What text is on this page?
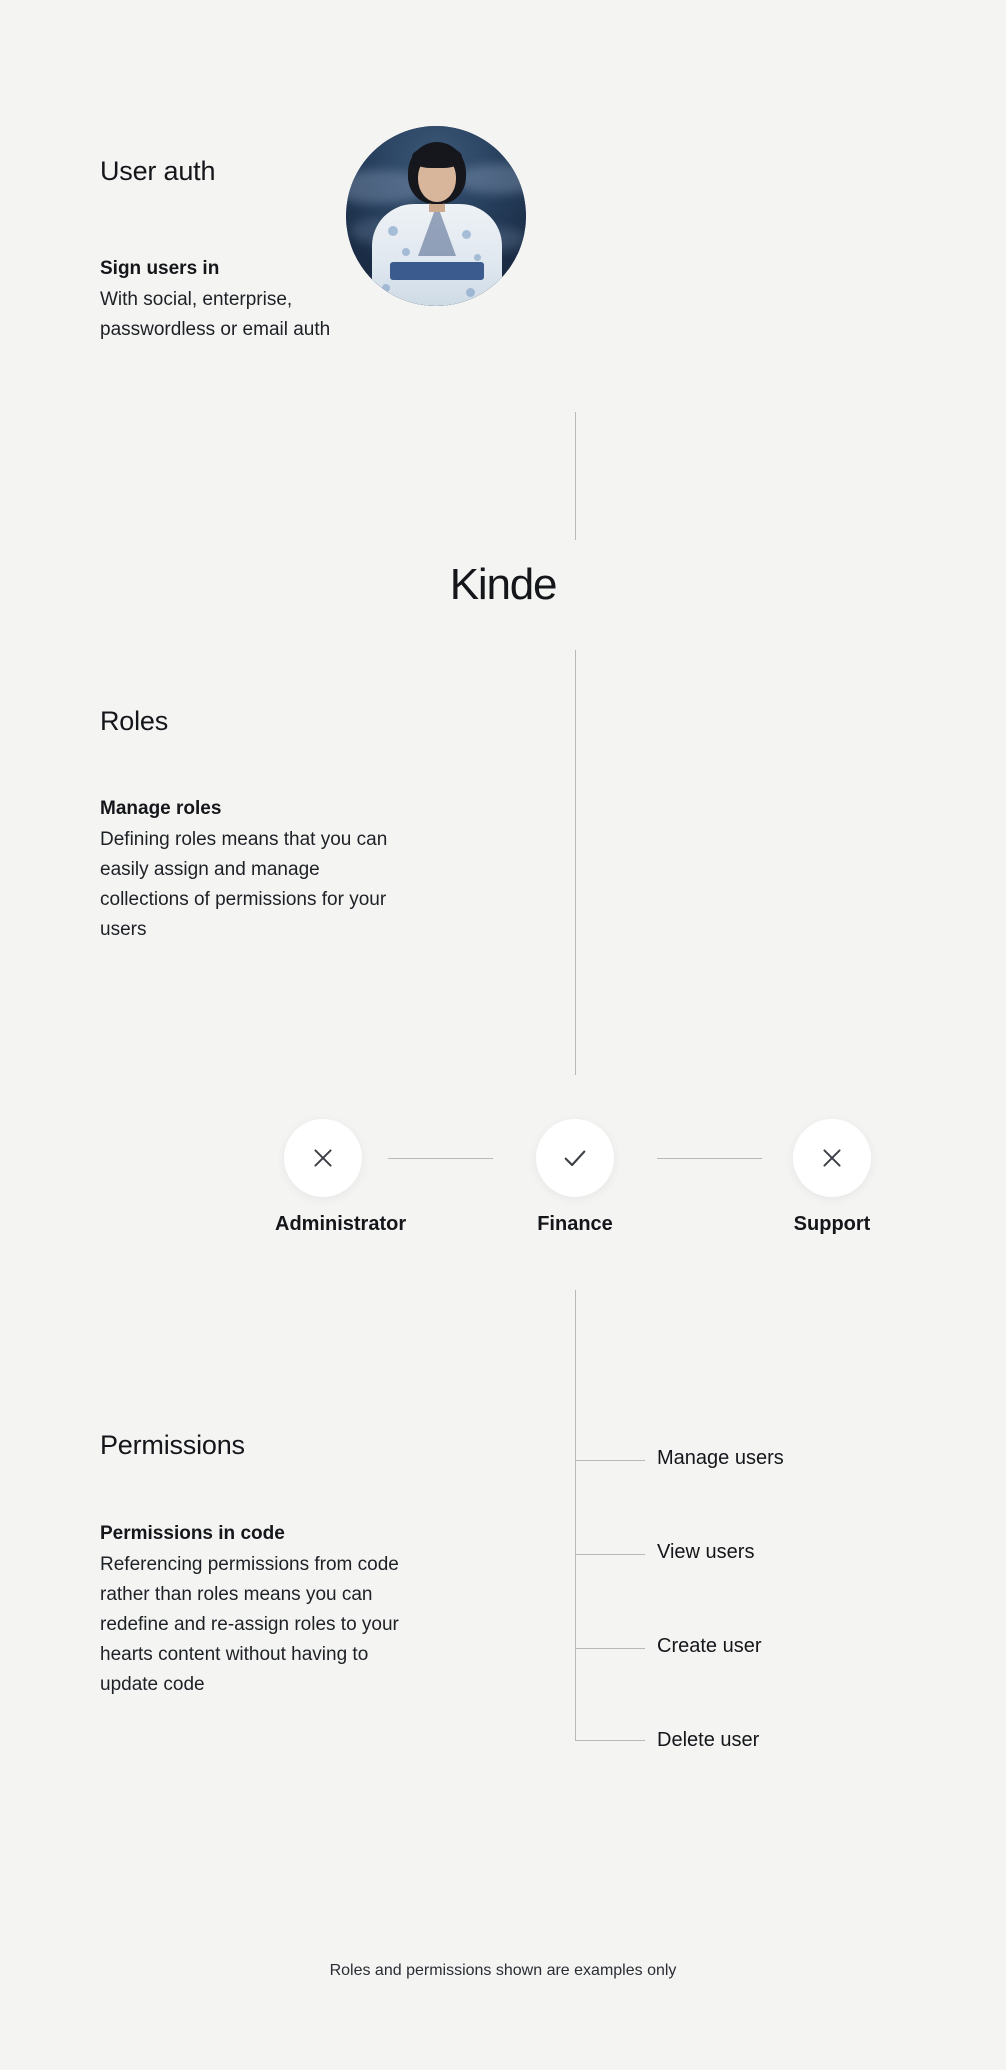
User auth

Sign users in

With social, enterprise, passwordless or email auth

Kinde
Roles

Manage roles

Defining roles means that you can easily assign and manage collections of permissions for your users

Administrator	Finance	Support
Permissions

Permissions in code

Referencing permissions from code rather than roles means you can redefine and re-assign roles to your hearts content without having to update code

Manage users
View users
Create user
Delete user
Roles and permissions shown are examples only
